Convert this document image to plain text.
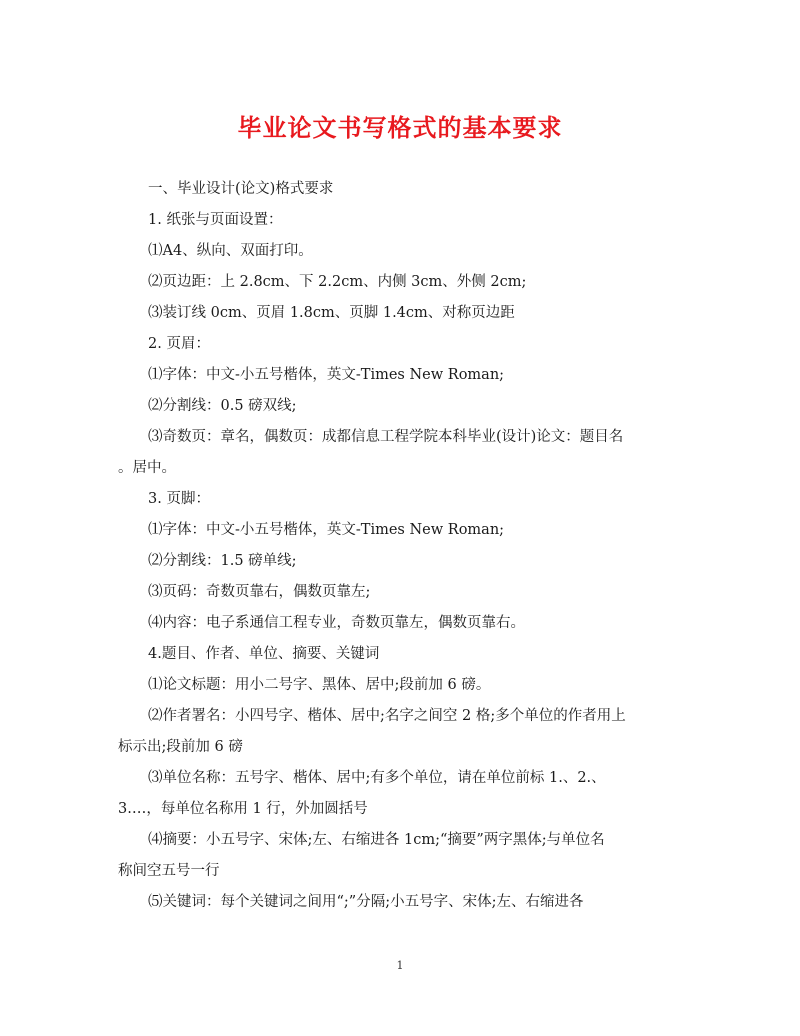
毕业论文书写格式的基本要求
一、毕业设计(论文)格式要求
1. 纸张与页面设置：
⑴A4、纵向、双面打印。
⑵页边距：上 2.8cm、下 2.2cm、内侧 3cm、外侧 2cm;
⑶装订线 0cm、页眉 1.8cm、页脚 1.4cm、对称页边距
2. 页眉：
⑴字体：中文-小五号楷体，英文-Times New Roman;
⑵分割线：0.5 磅双线;
⑶奇数页：章名，偶数页：成都信息工程学院本科毕业(设计)论文：题目名
。居中。
3. 页脚：
⑴字体：中文-小五号楷体，英文-Times New Roman;
⑵分割线：1.5 磅单线;
⑶页码：奇数页靠右，偶数页靠左;
⑷内容：电子系通信工程专业，奇数页靠左，偶数页靠右。
4.题目、作者、单位、摘要、关键词
⑴论文标题：用小二号字、黑体、居中;段前加 6 磅。
⑵作者署名：小四号字、楷体、居中;名字之间空 2 格;多个单位的作者用上
标示出;段前加 6 磅
⑶单位名称：五号字、楷体、居中;有多个单位，请在单位前标 1.、2.、
3.…，每单位名称用 1 行，外加圆括号
⑷摘要：小五号字、宋体;左、右缩进各 1cm;“摘要”两字黑体;与单位名
称间空五号一行
⑸关键词：每个关键词之间用“;”分隔;小五号字、宋体;左、右缩进各
1
